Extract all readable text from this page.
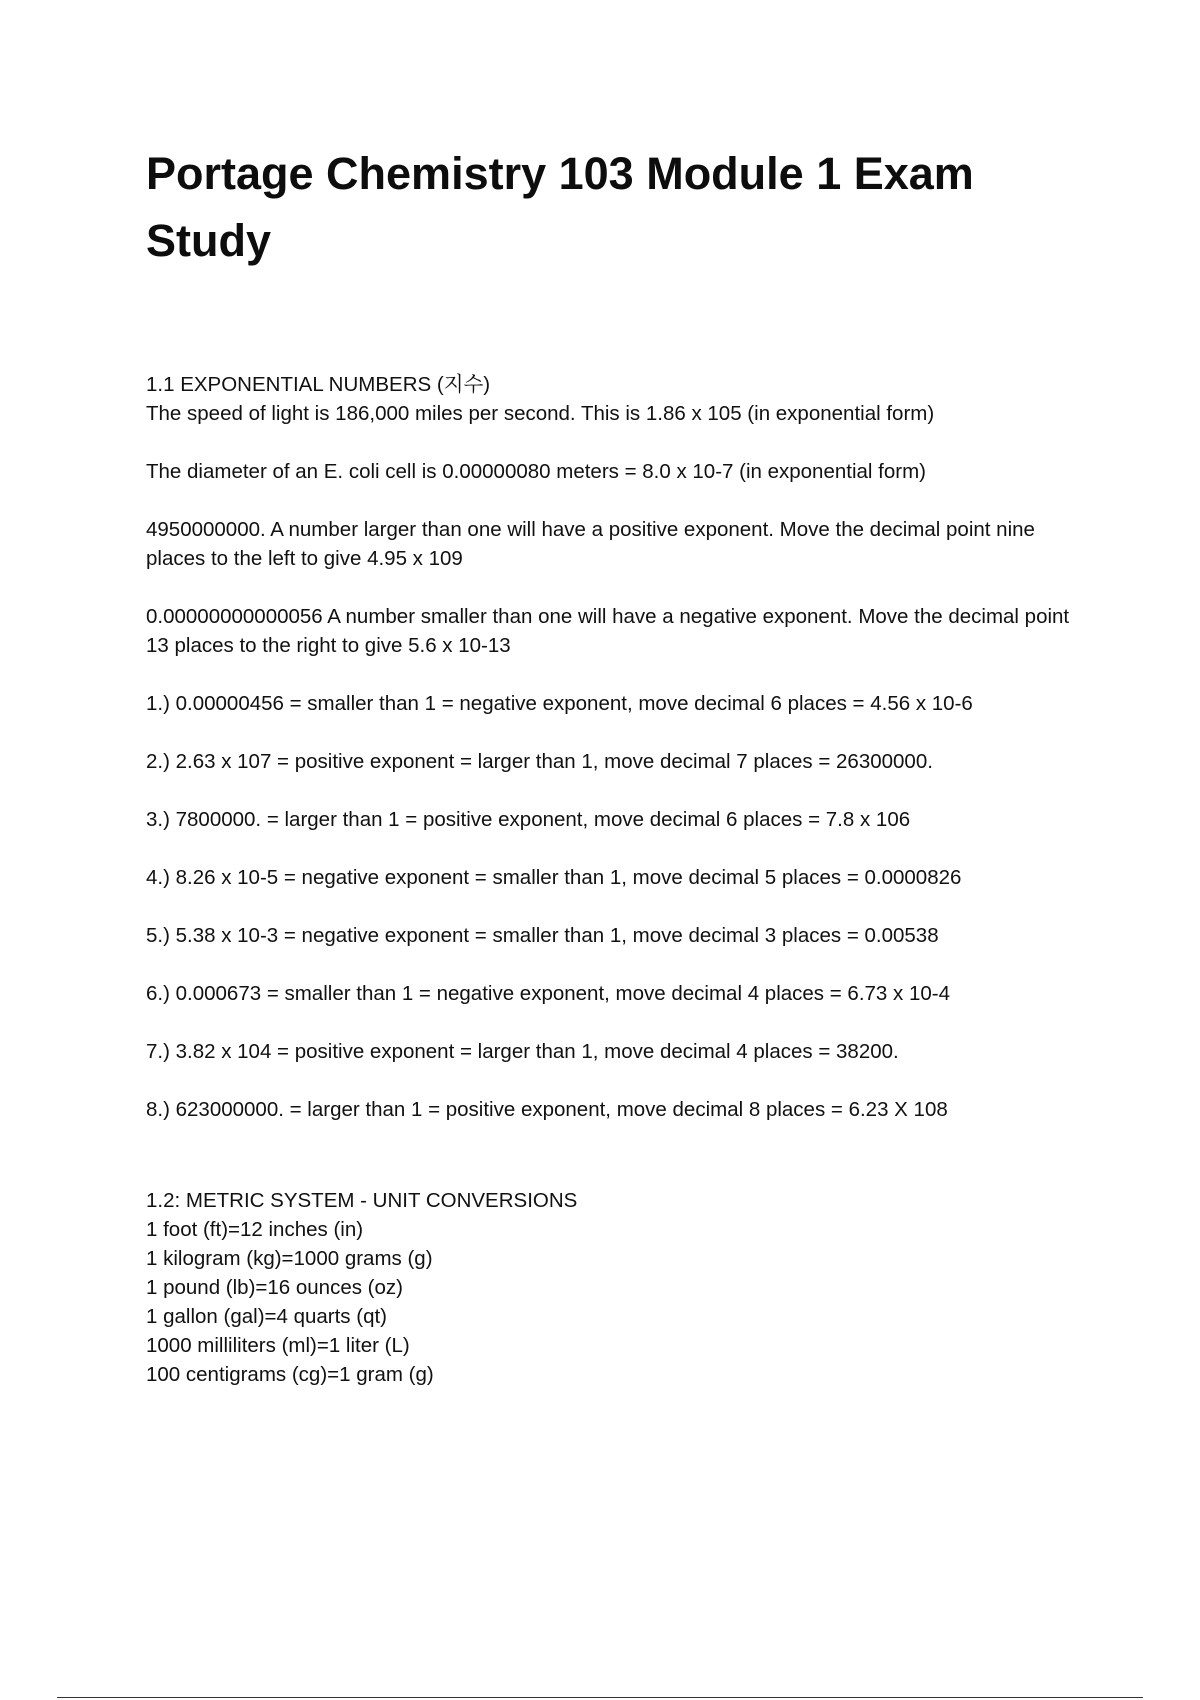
Portage Chemistry 103 Module 1 Exam Study

1.1 EXPONENTIAL NUMBERS (지수)

The speed of light is 186,000 miles per second. This is 1.86 x 105 (in exponential form)

The diameter of an E. coli cell is 0.00000080 meters = 8.0 x 10-7 (in exponential form)

4950000000. A number larger than one will have a positive exponent. Move the decimal point nine places to the left to give 4.95 x 109

0.00000000000056 A number smaller than one will have a negative exponent. Move the decimal point 13 places to the right to give 5.6 x 10-13

1.) 0.00000456 = smaller than 1 = negative exponent, move decimal 6 places = 4.56 x 10-6

2.) 2.63 x 107 = positive exponent = larger than 1, move decimal 7 places = 26300000.

3.) 7800000. = larger than 1 = positive exponent, move decimal 6 places = 7.8 x 106

4.) 8.26 x 10-5 = negative exponent = smaller than 1, move decimal 5 places = 0.0000826

5.) 5.38 x 10-3 = negative exponent = smaller than 1, move decimal 3 places = 0.00538

6.) 0.000673 = smaller than 1 = negative exponent, move decimal 4 places = 6.73 x 10-4

7.) 3.82 x 104 = positive exponent = larger than 1, move decimal 4 places = 38200.

8.) 623000000. = larger than 1 = positive exponent, move decimal 8 places = 6.23 X 108

1.2: METRIC SYSTEM - UNIT CONVERSIONS

1 foot (ft)=12 inches (in)

1 kilogram (kg)=1000 grams (g)

1 pound (lb)=16 ounces (oz)

1 gallon (gal)=4 quarts (qt)

1000 milliliters (ml)=1 liter (L)

100 centigrams (cg)=1 gram (g)
